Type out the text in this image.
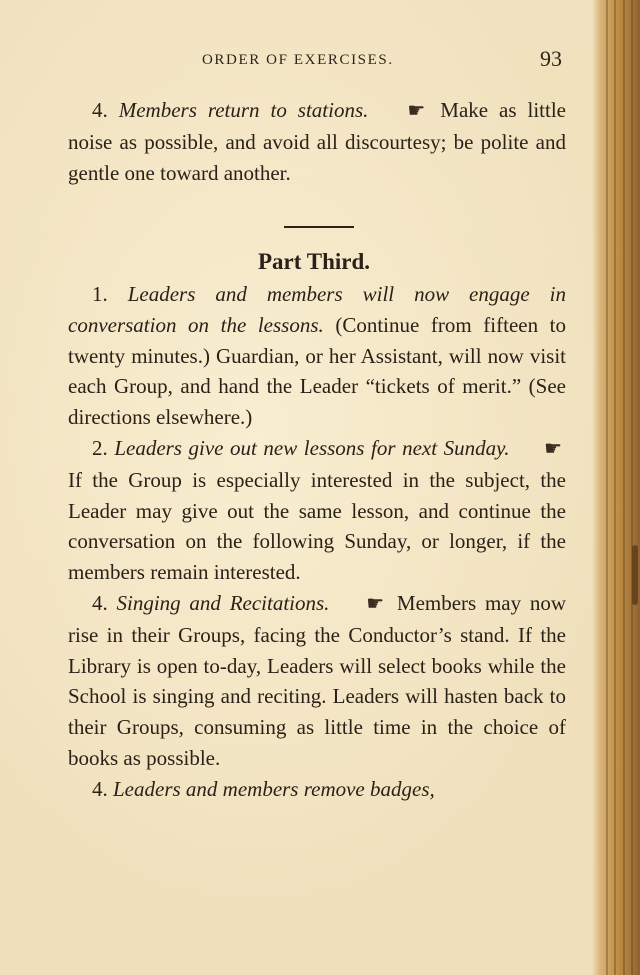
ORDER OF EXERCISES.	93

4. Members return to stations. ☛ Make as little noise as possible, and avoid all discourtesy; be polite and gentle one toward another.

Part Third.

1. Leaders and members will now engage in conversation on the lessons. (Continue from fifteen to twenty minutes.) Guardian, or her Assistant, will now visit each Group, and hand the Leader “tickets of merit.” (See directions elsewhere.)

2. Leaders give out new lessons for next Sunday. ☛ If the Group is especially interested in the subject, the Leader may give out the same lesson, and continue the conversation on the following Sunday, or longer, if the members remain interested.

4. Singing and Recitations. ☛ Members may now rise in their Groups, facing the Conductor’s stand. If the Library is open to-day, Leaders will select books while the School is singing and reciting. Leaders will hasten back to their Groups, consuming as little time in the choice of books as possible.

4. Leaders and members remove badges,
